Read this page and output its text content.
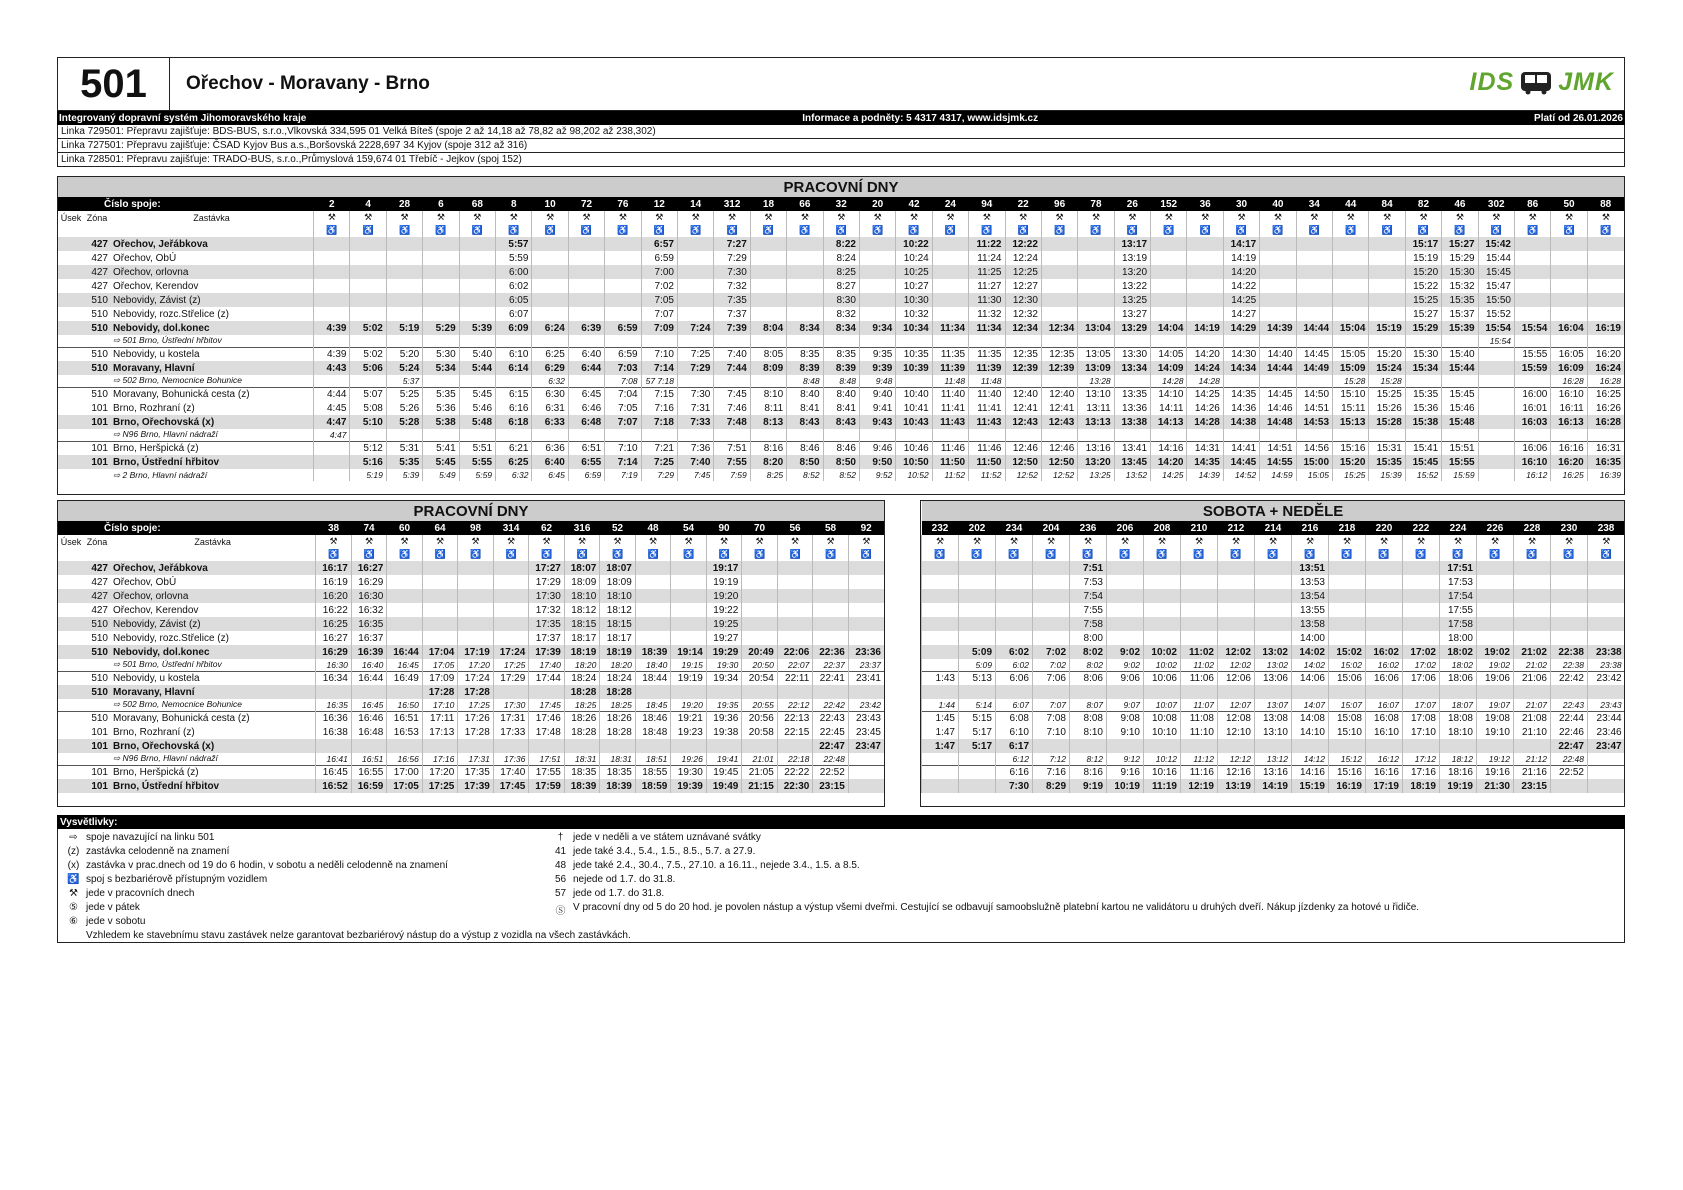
501	Ořechov - Moravany - Brno	IDS JMK
Integrovaný dopravní systém Jihomoravského kraje	Informace a podněty: 5 4317 4317, www.idsjmk.cz	Platí od 26.01.2026
Linka 729501: Přepravu zajišťuje: BDS-BUS, s.r.o.,Vlkovská 334,595 01 Velká Bíteš (spoje 2 až 14,18 až 78,82 až 98,202 až 238,302)
Linka 727501: Přepravu zajišťuje: ČSAD Kyjov Bus a.s.,Boršovská 2228,697 34 Kyjov (spoje 312 až 316)
Linka 728501: Přepravu zajišťuje: TRADO-BUS, s.r.o.,Průmyslová 159,674 01 Třebíč - Jejkov (spoj 152)
PRACOVNÍ DNY																																						
Číslo spoje:			2	4	28	6	68	8	10	72	76	12	14	312	18	66	32	20	42	24	94	22	96	78	26	152	36	30	40	34	44	84	82	46	302	86	50	88
Úsek	Zóna	Zastávka	⚒	⚒	⚒	⚒	⚒	⚒	⚒	⚒	⚒	⚒	⚒	⚒	⚒	⚒	⚒	⚒	⚒	⚒	⚒	⚒	⚒	⚒	⚒	⚒	⚒	⚒	⚒	⚒	⚒	⚒	⚒	⚒	⚒	⚒	⚒	⚒
			♿	♿	♿	♿	♿	♿	♿	♿	♿	♿	♿	♿	♿	♿	♿	♿	♿	♿	♿	♿	♿	♿	♿	♿	♿	♿	♿	♿	♿	♿	♿	♿	♿	♿	♿	♿
	427	Ořechov, Jeřábkova						5:57				6:57		7:27			8:22		10:22		11:22	12:22			13:17			14:17					15:17	15:27	15:42			
	427	Ořechov, ObÚ						5:59				6:59		7:29			8:24		10:24		11:24	12:24			13:19			14:19					15:19	15:29	15:44			
	427	Ořechov, orlovna						6:00				7:00		7:30			8:25		10:25		11:25	12:25			13:20			14:20					15:20	15:30	15:45			
	427	Ořechov, Kerendov						6:02				7:02		7:32			8:27		10:27		11:27	12:27			13:22			14:22					15:22	15:32	15:47			
	510	Nebovidy, Závist (z)						6:05				7:05		7:35			8:30		10:30		11:30	12:30			13:25			14:25					15:25	15:35	15:50			
	510	Nebovidy, rozc.Střelice (z)						6:07				7:07		7:37			8:32		10:32		11:32	12:32			13:27			14:27					15:27	15:37	15:52			
	510	Nebovidy, dol.konec	4:39	5:02	5:19	5:29	5:39	6:09	6:24	6:39	6:59	7:09	7:24	7:39	8:04	8:34	8:34	9:34	10:34	11:34	11:34	12:34	12:34	13:04	13:29	14:04	14:19	14:29	14:39	14:44	15:04	15:19	15:29	15:39	15:54	15:54	16:04	16:19
		⇨ 501 Brno, Ústřední hřbitov																																	15:54			
	510	Nebovidy, u kostela	4:39	5:02	5:20	5:30	5:40	6:10	6:25	6:40	6:59	7:10	7:25	7:40	8:05	8:35	8:35	9:35	10:35	11:35	11:35	12:35	12:35	13:05	13:30	14:05	14:20	14:30	14:40	14:45	15:05	15:20	15:30	15:40		15:55	16:05	16:20
	510	Moravany, Hlavní	4:43	5:06	5:24	5:34	5:44	6:14	6:29	6:44	7:03	7:14	7:29	7:44	8:09	8:39	8:39	9:39	10:39	11:39	11:39	12:39	12:39	13:09	13:34	14:09	14:24	14:34	14:44	14:49	15:09	15:24	15:34	15:44		15:59	16:09	16:24
		⇨ 502 Brno, Nemocnice Bohunice			5:37				6:32		7:08	57 7:18				8:48	8:48	9:48		11:48	11:48			13:28		14:28	14:28				15:28	15:28					16:28	16:28
	510	Moravany, Bohunická cesta (z)	4:44	5:07	5:25	5:35	5:45	6:15	6:30	6:45	7:04	7:15	7:30	7:45	8:10	8:40	8:40	9:40	10:40	11:40	11:40	12:40	12:40	13:10	13:35	14:10	14:25	14:35	14:45	14:50	15:10	15:25	15:35	15:45		16:00	16:10	16:25
	101	Brno, Rozhraní (z)	4:45	5:08	5:26	5:36	5:46	6:16	6:31	6:46	7:05	7:16	7:31	7:46	8:11	8:41	8:41	9:41	10:41	11:41	11:41	12:41	12:41	13:11	13:36	14:11	14:26	14:36	14:46	14:51	15:11	15:26	15:36	15:46		16:01	16:11	16:26
	101	Brno, Ořechovská (x)	4:47	5:10	5:28	5:38	5:48	6:18	6:33	6:48	7:07	7:18	7:33	7:48	8:13	8:43	8:43	9:43	10:43	11:43	11:43	12:43	12:43	13:13	13:38	14:13	14:28	14:38	14:48	14:53	15:13	15:28	15:38	15:48		16:03	16:13	16:28
		⇨ N96 Brno, Hlavní nádraží	4:47																																			
	101	Brno, Heršpická (z)		5:12	5:31	5:41	5:51	6:21	6:36	6:51	7:10	7:21	7:36	7:51	8:16	8:46	8:46	9:46	10:46	11:46	11:46	12:46	12:46	13:16	13:41	14:16	14:31	14:41	14:51	14:56	15:16	15:31	15:41	15:51		16:06	16:16	16:31
	101	Brno, Ústřední hřbitov		5:16	5:35	5:45	5:55	6:25	6:40	6:55	7:14	7:25	7:40	7:55	8:20	8:50	8:50	9:50	10:50	11:50	11:50	12:50	12:50	13:20	13:45	14:20	14:35	14:45	14:55	15:00	15:20	15:35	15:45	15:55		16:10	16:20	16:35
		⇨ 2 Brno, Hlavní nádraží		5:19	5:39	5:49	5:59	6:32	6:45	6:59	7:19	7:29	7:45	7:59	8:25	8:52	8:52	9:52	10:52	11:52	11:52	12:52	12:52	13:25	13:52	14:25	14:39	14:52	14:59	15:05	15:25	15:39	15:52	15:59		16:12	16:25	16:39
PRACOVNÍ DNY																		
Číslo spoje:			38	74	60	64	98	314	62	316	52	48	54	90	70	56	58	92
Úsek	Zóna	Zastávka	⚒	⚒	⚒	⚒	⚒	⚒	⚒	⚒	⚒	⚒	⚒	⚒	⚒	⚒	⚒	⚒
			♿	♿	♿	♿	♿	♿	♿	♿	♿	♿	♿	♿	♿	♿	♿	♿
	427	Ořechov, Jeřábkova	16:17	16:27					17:27	18:07	18:07			19:17				
	427	Ořechov, ObÚ	16:19	16:29					17:29	18:09	18:09			19:19				
	427	Ořechov, orlovna	16:20	16:30					17:30	18:10	18:10			19:20				
	427	Ořechov, Kerendov	16:22	16:32					17:32	18:12	18:12			19:22				
	510	Nebovidy, Závist (z)	16:25	16:35					17:35	18:15	18:15			19:25				
	510	Nebovidy, rozc.Střelice (z)	16:27	16:37					17:37	18:17	18:17			19:27				
	510	Nebovidy, dol.konec	16:29	16:39	16:44	17:04	17:19	17:24	17:39	18:19	18:19	18:39	19:14	19:29	20:49	22:06	22:36	23:36
		⇨ 501 Brno, Ústřední hřbitov	16:30	16:40	16:45	17:05	17:20	17:25	17:40	18:20	18:20	18:40	19:15	19:30	20:50	22:07	22:37	23:37
	510	Nebovidy, u kostela	16:34	16:44	16:49	17:09	17:24	17:29	17:44	18:24	18:24	18:44	19:19	19:34	20:54	22:11	22:41	23:41
	510	Moravany, Hlavní				17:28	17:28			18:28	18:28							
		⇨ 502 Brno, Nemocnice Bohunice	16:35	16:45	16:50	17:10	17:25	17:30	17:45	18:25	18:25	18:45	19:20	19:35	20:55	22:12	22:42	23:42
	510	Moravany, Bohunická cesta (z)	16:36	16:46	16:51	17:11	17:26	17:31	17:46	18:26	18:26	18:46	19:21	19:36	20:56	22:13	22:43	23:43
	101	Brno, Rozhraní (z)	16:38	16:48	16:53	17:13	17:28	17:33	17:48	18:28	18:28	18:48	19:23	19:38	20:58	22:15	22:45	23:45
	101	Brno, Ořechovská (x)															22:47	23:47
		⇨ N96 Brno, Hlavní nádraží	16:41	16:51	16:56	17:16	17:31	17:36	17:51	18:31	18:31	18:51	19:26	19:41	21:01	22:18	22:48	
	101	Brno, Heršpická (z)	16:45	16:55	17:00	17:20	17:35	17:40	17:55	18:35	18:35	18:55	19:30	19:45	21:05	22:22	22:52	
	101	Brno, Ústřední hřbitov	16:52	16:59	17:05	17:25	17:39	17:45	17:59	18:39	18:39	18:59	19:39	19:49	21:15	22:30	23:15	
SOBOTA + NEDĚLE																		
232	202	234	204	236	206	208	210	212	214	216	218	220	222	224	226	228	230	238
⚒	⚒	⚒	⚒	⚒	⚒	⚒	⚒	⚒	⚒	⚒	⚒	⚒	⚒	⚒	⚒	⚒	⚒	⚒
♿	♿	♿	♿	♿	♿	♿	♿	♿	♿	♿	♿	♿	♿	♿	♿	♿	♿	♿
				7:51						13:51				17:51				
				7:53						13:53				17:53				
				7:54						13:54				17:54				
				7:55						13:55				17:55				
				7:58						13:58				17:58				
				8:00						14:00				18:00				
	5:09	6:02	7:02	8:02	9:02	10:02	11:02	12:02	13:02	14:02	15:02	16:02	17:02	18:02	19:02	21:02	22:38	23:38
	5:09	6:02	7:02	8:02	9:02	10:02	11:02	12:02	13:02	14:02	15:02	16:02	17:02	18:02	19:02	21:02	22:38	23:38
1:43	5:13	6:06	7:06	8:06	9:06	10:06	11:06	12:06	13:06	14:06	15:06	16:06	17:06	18:06	19:06	21:06	22:42	23:42

1:44	5:14	6:07	7:07	8:07	9:07	10:07	11:07	12:07	13:07	14:07	15:07	16:07	17:07	18:07	19:07	21:07	22:43	23:43
1:45	5:15	6:08	7:08	8:08	9:08	10:08	11:08	12:08	13:08	14:08	15:08	16:08	17:08	18:08	19:08	21:08	22:44	23:44
1:47	5:17	6:10	7:10	8:10	9:10	10:10	11:10	12:10	13:10	14:10	15:10	16:10	17:10	18:10	19:10	21:10	22:46	23:46
1:47	5:17	6:17															22:47	23:47
		6:12	7:12	8:12	9:12	10:12	11:12	12:12	13:12	14:12	15:12	16:12	17:12	18:12	19:12	21:12	22:48	
		6:16	7:16	8:16	9:16	10:16	11:16	12:16	13:16	14:16	15:16	16:16	17:16	18:16	19:16	21:16	22:52	
		7:30	8:29	9:19	10:19	11:19	12:19	13:19	14:19	15:19	16:19	17:19	18:19	19:19	21:30	23:15		
Vysvětlivky:
⇨ spoje navazující na linku 501
(z) zastávka celodenně na znamení
(x) zastávka v prac.dnech od 19 do 6 hodin, v sobotu a neděli celodenně na znamení
♿ spoj s bezbariérově přístupným vozidlem
⚒ jede v pracovních dnech
⑤ jede v pátek
⑥ jede v sobotu
† jede v neděli a ve státem uznávané svátky
41 jede také 3.4., 5.4., 1.5., 8.5., 5.7. a 27.9.
48 jede také 2.4., 30.4., 7.5., 27.10. a 16.11., nejede 3.4., 1.5. a 8.5.
56 nejede od 1.7. do 31.8.
57 jede od 1.7. do 31.8.
Ⓢ V pracovní dny od 5 do 20 hod. je povolen nástup a výstup všemi dveřmi. Cestující se odbavují samoobslužně platební kartou ne validátoru u druhých dveří. Nákup jízdenky za hotové u řidiče.
Vzhledem ke stavebnímu stavu zastávek nelze garantovat bezbariérový nástup do a výstup z vozidla na všech zastávkách.
